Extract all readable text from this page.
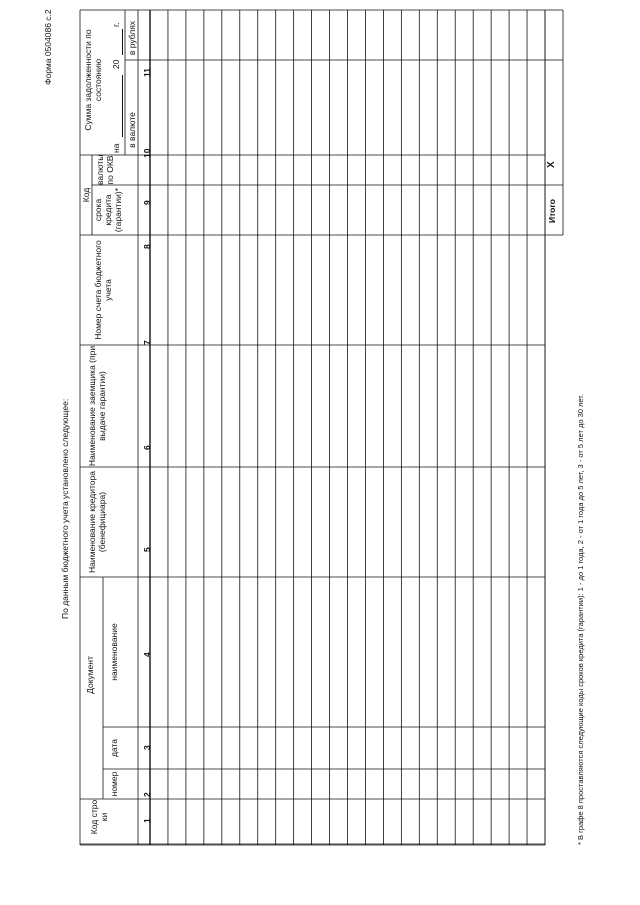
Форма 0504086 с.2
По данным бюджетного учета установлено следующее:
Код строки
Документ
номер
дата
наименование
Наименование кредитора (бенефициара)
Наименование заемщика (при выдаче гарантии)
Номер счета бюджетного учета
Код
срока кредита (гарантии)*
валюты по ОКВ
Сумма задолженности по состоянию
на
20
г.
в валюте
в рублях
1
2
3
4
5
6
7
8
9
10
11
Итого
X
* В графе 8 проставляются следующие коды сроков кредита (гарантии): 1 - до 1 года, 2 - от 1 года до 5 лет, 3 - от 5 лет до 30 лет.
